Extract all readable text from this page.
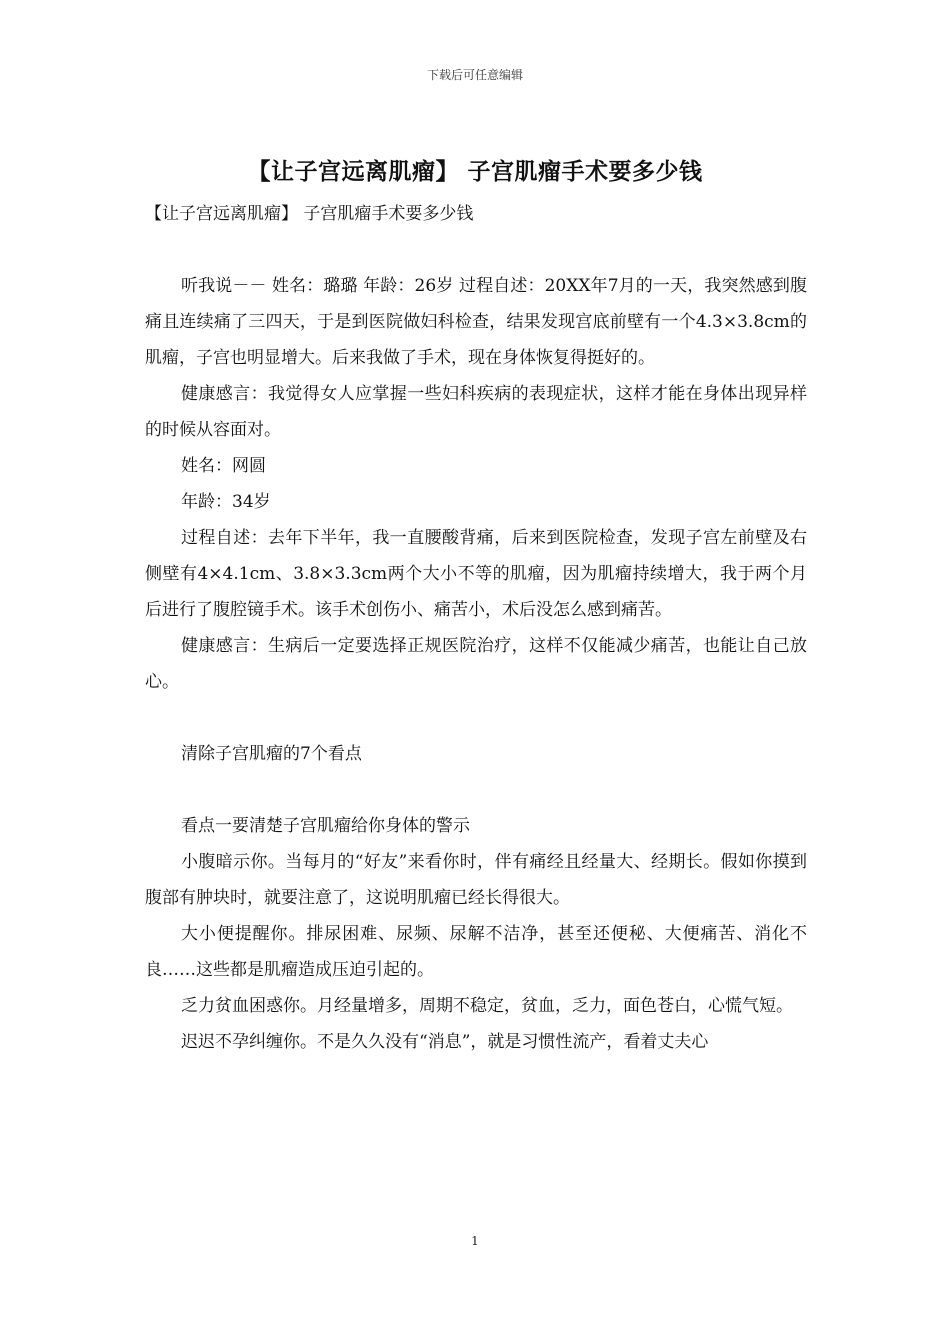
下载后可任意编辑
【让子宫远离肌瘤】 子宫肌瘤手术要多少钱
【让子宫远离肌瘤】 子宫肌瘤手术要多少钱

听我说－－ 姓名：璐璐 年龄：26岁 过程自述：20XX年7月的一天，我突然感到腹痛且连续痛了三四天，于是到医院做妇科检查，结果发现宫底前壁有一个4.3×3.8cm的肌瘤，子宫也明显增大。后来我做了手术，现在身体恢复得挺好的。

健康感言：我觉得女人应掌握一些妇科疾病的表现症状，这样才能在身体出现异样的时候从容面对。

姓名：网圆

年龄：34岁

过程自述：去年下半年，我一直腰酸背痛，后来到医院检查，发现子宫左前壁及右侧壁有4×4.1cm、3.8×3.3cm两个大小不等的肌瘤，因为肌瘤持续增大，我于两个月后进行了腹腔镜手术。该手术创伤小、痛苦小，术后没怎么感到痛苦。

健康感言：生病后一定要选择正规医院治疗，这样不仅能减少痛苦，也能让自己放心。

清除子宫肌瘤的7个看点

看点一要清楚子宫肌瘤给你身体的警示

小腹暗示你。当每月的“好友”来看你时，伴有痛经且经量大、经期长。假如你摸到腹部有肿块时，就要注意了，这说明肌瘤已经长得很大。

大小便提醒你。排尿困难、尿频、尿解不洁净，甚至还便秘、大便痛苦、消化不良……这些都是肌瘤造成压迫引起的。

乏力贫血困惑你。月经量增多，周期不稳定，贫血，乏力，面色苍白，心慌气短。

迟迟不孕纠缠你。不是久久没有“消息”，就是习惯性流产，看着丈夫心

1
